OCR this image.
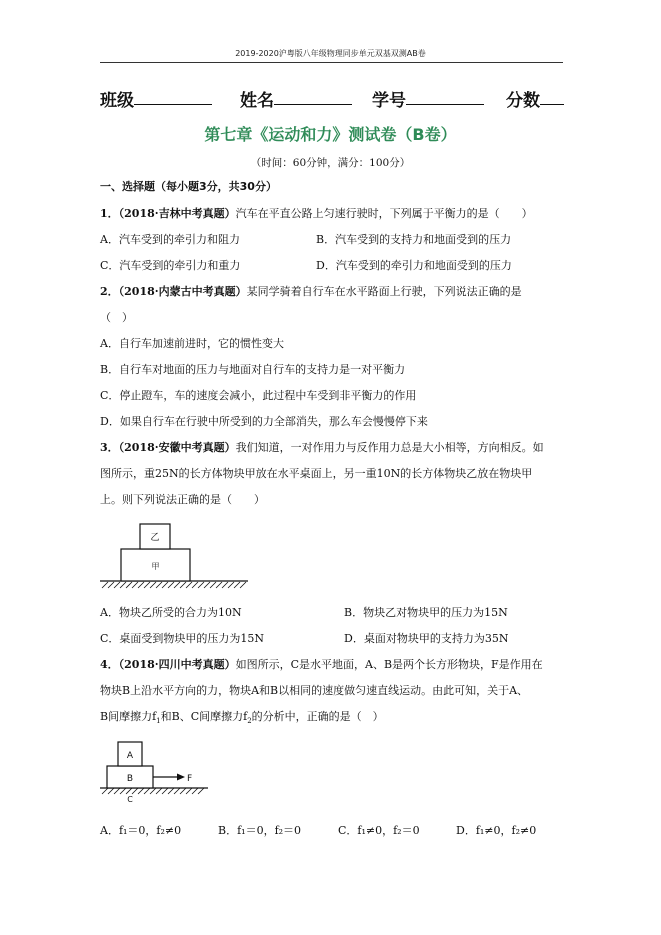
2019-2020沪粤版八年级物理同步单元双基双测AB卷
班级	姓名	学号	分数
第七章《运动和力》测试卷（B卷）
（时间：60分钟，满分：100分）
一、选择题（每小题3分，共30分）
1．（2018·吉林中考真题）汽车在平直公路上匀速行驶时，下列属于平衡力的是（　　）
A．汽车受到的牵引力和阻力	B．汽车受到的支持力和地面受到的压力
C．汽车受到的牵引力和重力	D．汽车受到的牵引力和地面受到的压力
2．（2018·内蒙古中考真题）某同学骑着自行车在水平路面上行驶，下列说法正确的是
（　）
A．自行车加速前进时，它的惯性变大
B．自行车对地面的压力与地面对自行车的支持力是一对平衡力
C．停止蹬车，车的速度会减小，此过程中车受到非平衡力的作用
D．如果自行车在行驶中所受到的力全部消失，那么车会慢慢停下来
3．（2018·安徽中考真题）我们知道，一对作用力与反作用力总是大小相等，方向相反。如
图所示，重25N的长方体物块甲放在水平桌面上，另一重10N的长方体物块乙放在物块甲
上。则下列说法正确的是（　　）
甲
乙
A．物块乙所受的合力为10N	B．物块乙对物块甲的压力为15N
C．桌面受到物块甲的压力为15N	D．桌面对物块甲的支持力为35N
4．（2018·四川中考真题）如图所示，C是水平地面，A、B是两个长方形物块，F是作用在
物块B上沿水平方向的力，物块A和B以相同的速度做匀速直线运动。由此可知，关于A、
B间摩擦力$f_1$和B、C间摩擦力$f_2$的分析中，正确的是（　）
B
A
F
C
A．f₁＝0，f₂≠0	B．f₁＝0，f₂＝0	C．f₁≠0，f₂＝0	D．f₁≠0，f₂≠0
